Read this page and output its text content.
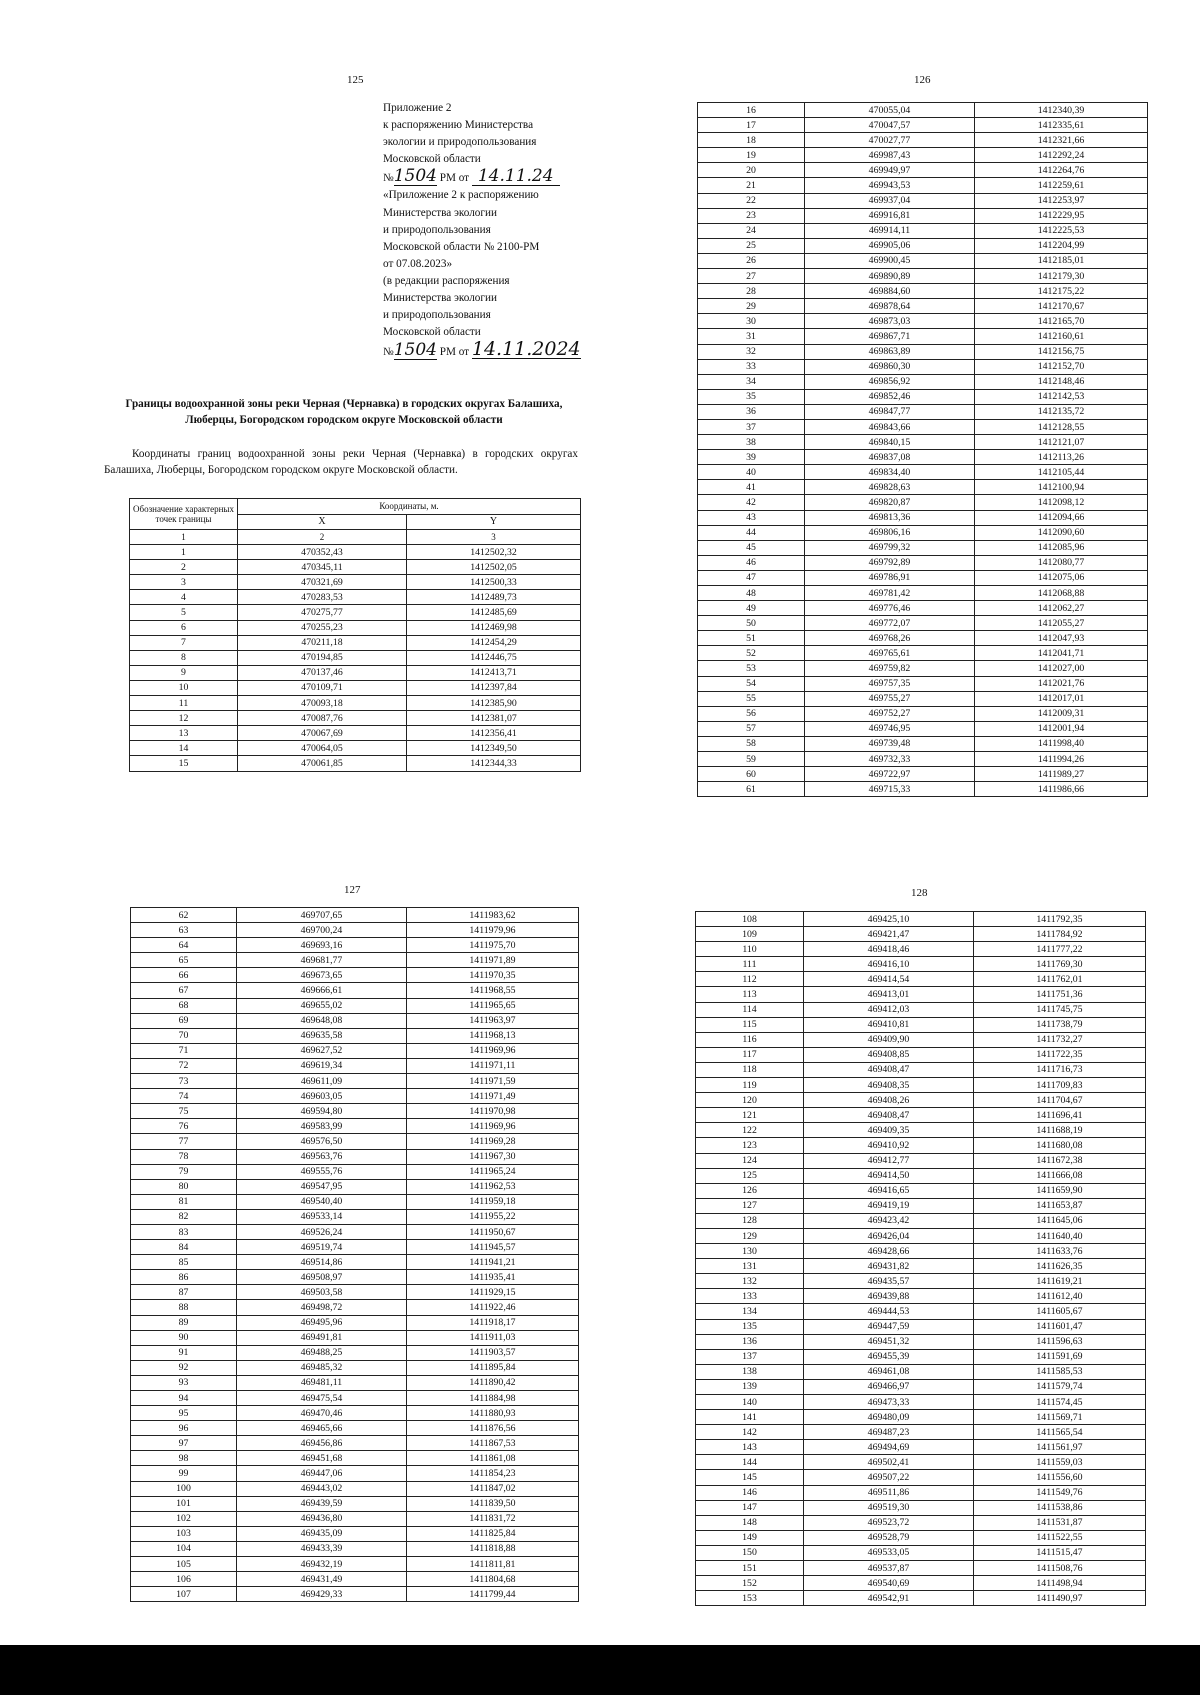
125	126
127	128
Приложение 2
к распоряжению Министерства
экологии и природопользования
Московской области
№1504 РМ от 14.11.24
«Приложение 2 к распоряжению
Министерства экологии
и природопользования
Московской области № 2100-РМ
от 07.08.2023»
(в редакции распоряжения
Министерства экологии
и природопользования
Московской области
№1504 РМ от 14.11.2024
Границы водоохранной зоны реки Черная (Чернавка) в городских округах Балашиха, Люберцы, Богородском городском округе Московской области
Координаты границ водоохранной зоны реки Черная (Чернавка) в городских округах Балашиха, Люберцы, Богородском городском округе Московской области.
Обозначение характерных точек границы	Координаты, м.	
	X	Y
1	2	3
1	470352,43	1412502,32
2	470345,11	1412502,05
3	470321,69	1412500,33
4	470283,53	1412489,73
5	470275,77	1412485,69
6	470255,23	1412469,98
7	470211,18	1412454,29
8	470194,85	1412446,75
9	470137,46	1412413,71
10	470109,71	1412397,84
11	470093,18	1412385,90
12	470087,76	1412381,07
13	470067,69	1412356,41
14	470064,05	1412349,50
15	470061,85	1412344,33
16	470055,04	1412340,39
17	470047,57	1412335,61
18	470027,77	1412321,66
19	469987,43	1412292,24
20	469949,97	1412264,76
21	469943,53	1412259,61
22	469937,04	1412253,97
23	469916,81	1412229,95
24	469914,11	1412225,53
25	469905,06	1412204,99
26	469900,45	1412185,01
27	469890,89	1412179,30
28	469884,60	1412175,22
29	469878,64	1412170,67
30	469873,03	1412165,70
31	469867,71	1412160,61
32	469863,89	1412156,75
33	469860,30	1412152,70
34	469856,92	1412148,46
35	469852,46	1412142,53
36	469847,77	1412135,72
37	469843,66	1412128,55
38	469840,15	1412121,07
39	469837,08	1412113,26
40	469834,40	1412105,44
41	469828,63	1412100,94
42	469820,87	1412098,12
43	469813,36	1412094,66
44	469806,16	1412090,60
45	469799,32	1412085,96
46	469792,89	1412080,77
47	469786,91	1412075,06
48	469781,42	1412068,88
49	469776,46	1412062,27
50	469772,07	1412055,27
51	469768,26	1412047,93
52	469765,61	1412041,71
53	469759,82	1412027,00
54	469757,35	1412021,76
55	469755,27	1412017,01
56	469752,27	1412009,31
57	469746,95	1412001,94
58	469739,48	1411998,40
59	469732,33	1411994,26
60	469722,97	1411989,27
61	469715,33	1411986,66
62	469707,65	1411983,62
63	469700,24	1411979,96
64	469693,16	1411975,70
65	469681,77	1411971,89
66	469673,65	1411970,35
67	469666,61	1411968,55
68	469655,02	1411965,65
69	469648,08	1411963,97
70	469635,58	1411968,13
71	469627,52	1411969,96
72	469619,34	1411971,11
73	469611,09	1411971,59
74	469603,05	1411971,49
75	469594,80	1411970,98
76	469583,99	1411969,96
77	469576,50	1411969,28
78	469563,76	1411967,30
79	469555,76	1411965,24
80	469547,95	1411962,53
81	469540,40	1411959,18
82	469533,14	1411955,22
83	469526,24	1411950,67
84	469519,74	1411945,57
85	469514,86	1411941,21
86	469508,97	1411935,41
87	469503,58	1411929,15
88	469498,72	1411922,46
89	469495,96	1411918,17
90	469491,81	1411911,03
91	469488,25	1411903,57
92	469485,32	1411895,84
93	469481,11	1411890,42
94	469475,54	1411884,98
95	469470,46	1411880,93
96	469465,66	1411876,56
97	469456,86	1411867,53
98	469451,68	1411861,08
99	469447,06	1411854,23
100	469443,02	1411847,02
101	469439,59	1411839,50
102	469436,80	1411831,72
103	469435,09	1411825,84
104	469433,39	1411818,88
105	469432,19	1411811,81
106	469431,49	1411804,68
107	469429,33	1411799,44
108	469425,10	1411792,35
109	469421,47	1411784,92
110	469418,46	1411777,22
111	469416,10	1411769,30
112	469414,54	1411762,01
113	469413,01	1411751,36
114	469412,03	1411745,75
115	469410,81	1411738,79
116	469409,90	1411732,27
117	469408,85	1411722,35
118	469408,47	1411716,73
119	469408,35	1411709,83
120	469408,26	1411704,67
121	469408,47	1411696,41
122	469409,35	1411688,19
123	469410,92	1411680,08
124	469412,77	1411672,38
125	469414,50	1411666,08
126	469416,65	1411659,90
127	469419,19	1411653,87
128	469423,42	1411645,06
129	469426,04	1411640,40
130	469428,66	1411633,76
131	469431,82	1411626,35
132	469435,57	1411619,21
133	469439,88	1411612,40
134	469444,53	1411605,67
135	469447,59	1411601,47
136	469451,32	1411596,63
137	469455,39	1411591,69
138	469461,08	1411585,53
139	469466,97	1411579,74
140	469473,33	1411574,45
141	469480,09	1411569,71
142	469487,23	1411565,54
143	469494,69	1411561,97
144	469502,41	1411559,03
145	469507,22	1411556,60
146	469511,86	1411549,76
147	469519,30	1411538,86
148	469523,72	1411531,87
149	469528,79	1411522,55
150	469533,05	1411515,47
151	469537,87	1411508,76
152	469540,69	1411498,94
153	469542,91	1411490,97
